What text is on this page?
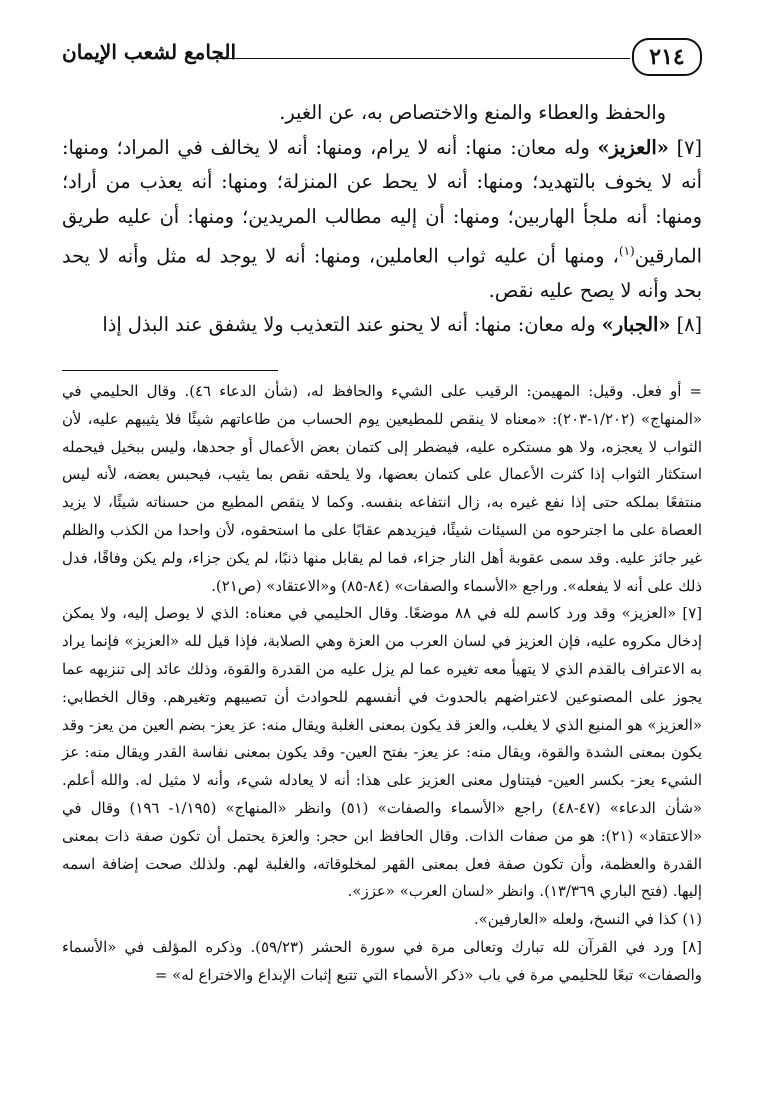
٢١٤
الجامع لشعب الإيمان

والحفظ والعطاء والمنع والاختصاص به، عن الغير.

[٧] «العزيز» وله معان: منها: أنه لا يرام، ومنها: أنه لا يخالف في المراد؛ ومنها: أنه لا يخوف بالتهديد؛ ومنها: أنه لا يحط عن المنزلة؛ ومنها: أنه يعذب من أراد؛ ومنها: أنه ملجأ الهاربين؛ ومنها: أن إليه مطالب المريدين؛ ومنها: أن عليه طريق المارقين$^{(١)}$، ومنها أن عليه ثواب العاملين، ومنها: أنه لا يوجد له مثل وأنه لا يحد بحد وأنه لا يصح عليه نقص.

[٨] «الجبار» وله معان: منها: أنه لا يحنو عند التعذيب ولا يشفق عند البذل إذا

= أو فعل. وقيل: المهيمن: الرقيب على الشيء والحافظ له، (شأن الدعاء ٤٦). وقال الحليمي في «المنهاج» (١/٢٠٢-٢٠٣): «معناه لا ينقص للمطيعين يوم الحساب من طاعاتهم شيئًا فلا يثيبهم عليه، لأن الثواب لا يعجزه، ولا هو مستكره عليه، فيضطر إلى كتمان بعض الأعمال أو جحدها، وليس ببخيل فيحمله استكثار الثواب إذا كثرت الأعمال على كتمان بعضها، ولا يلحقه نقص بما يثيب، فيحبس بعضه، لأنه ليس منتفعًا بملكه حتى إذا نفع غيره به، زال انتفاعه بنفسه. وكما لا ينقص المطيع من حسناته شيئًا، لا يزيد العصاة على ما اجترحوه من السيئات شيئًا، فيزيدهم عقابًا على ما استحقوه، لأن واحدا من الكذب والظلم غير جائز عليه. وقد سمى عقوبة أهل النار جزاء، فما لم يقابل منها ذنبًا، لم يكن جزاء، ولم يكن وفاقًا، فدل ذلك على أنه لا يفعله». وراجع «الأسماء والصفات» (٨٤-٨٥) و«الاعتقاد» (ص٢١).

[٧] «العزيز» وقد ورد كاسم لله في ٨٨ موضعًا. وقال الحليمي في معناه: الذي لا يوصل إليه، ولا يمكن إدخال مكروه عليه، فإن العزيز في لسان العرب من العزة وهي الصلابة، فإذا قيل لله «العزيز» فإنما يراد به الاعتراف بالقدم الذي لا يتهيأ معه تغيره عما لم يزل عليه من القدرة والقوة، وذلك عائد إلى تنزيهه عما يجوز على المصنوعين لاعتراضهم بالحدوث في أنفسهم للحوادث أن تصيبهم وتغيرهم. وقال الخطابي: «العزيز» هو المنيع الذي لا يغلب، والعز قد يكون بمعنى الغلبة ويقال منه: عز يعز- بضم العين من يعز- وقد يكون بمعنى الشدة والقوة، ويقال منه: عز يعز- بفتح العين- وقد يكون بمعنى نفاسة القدر ويقال منه: عز الشيء يعز- بكسر العين- فيتناول معنى العزيز على هذا: أنه لا يعادله شيء، وأنه لا مثيل له. والله أعلم. «شأن الدعاء» (٤٧-٤٨) راجع «الأسماء والصفات» (٥١) وانظر «المنهاج» (١/١٩٥- ١٩٦) وقال في «الاعتقاد» (٢١): هو من صفات الذات. وقال الحافظ ابن حجر: والعزة يحتمل أن تكون صفة ذات بمعنى القدرة والعظمة، وأن تكون صفة فعل بمعنى القهر لمخلوقاته، والغلبة لهم. ولذلك صحت إضافة اسمه إليها. (فتح الباري ١٣/٣٦٩). وانظر «لسان العرب» «عزز».

(١) كذا في النسخ، ولعله «العارفين».

[٨] ورد في القرآن لله تبارك وتعالى مرة في سورة الحشر (٥٩/٢٣). وذكره المؤلف في «الأسماء والصفات» تبعًا للحليمي مرة في باب «ذكر الأسماء التي تتبع إثبات الإبداع والاختراع له» =
